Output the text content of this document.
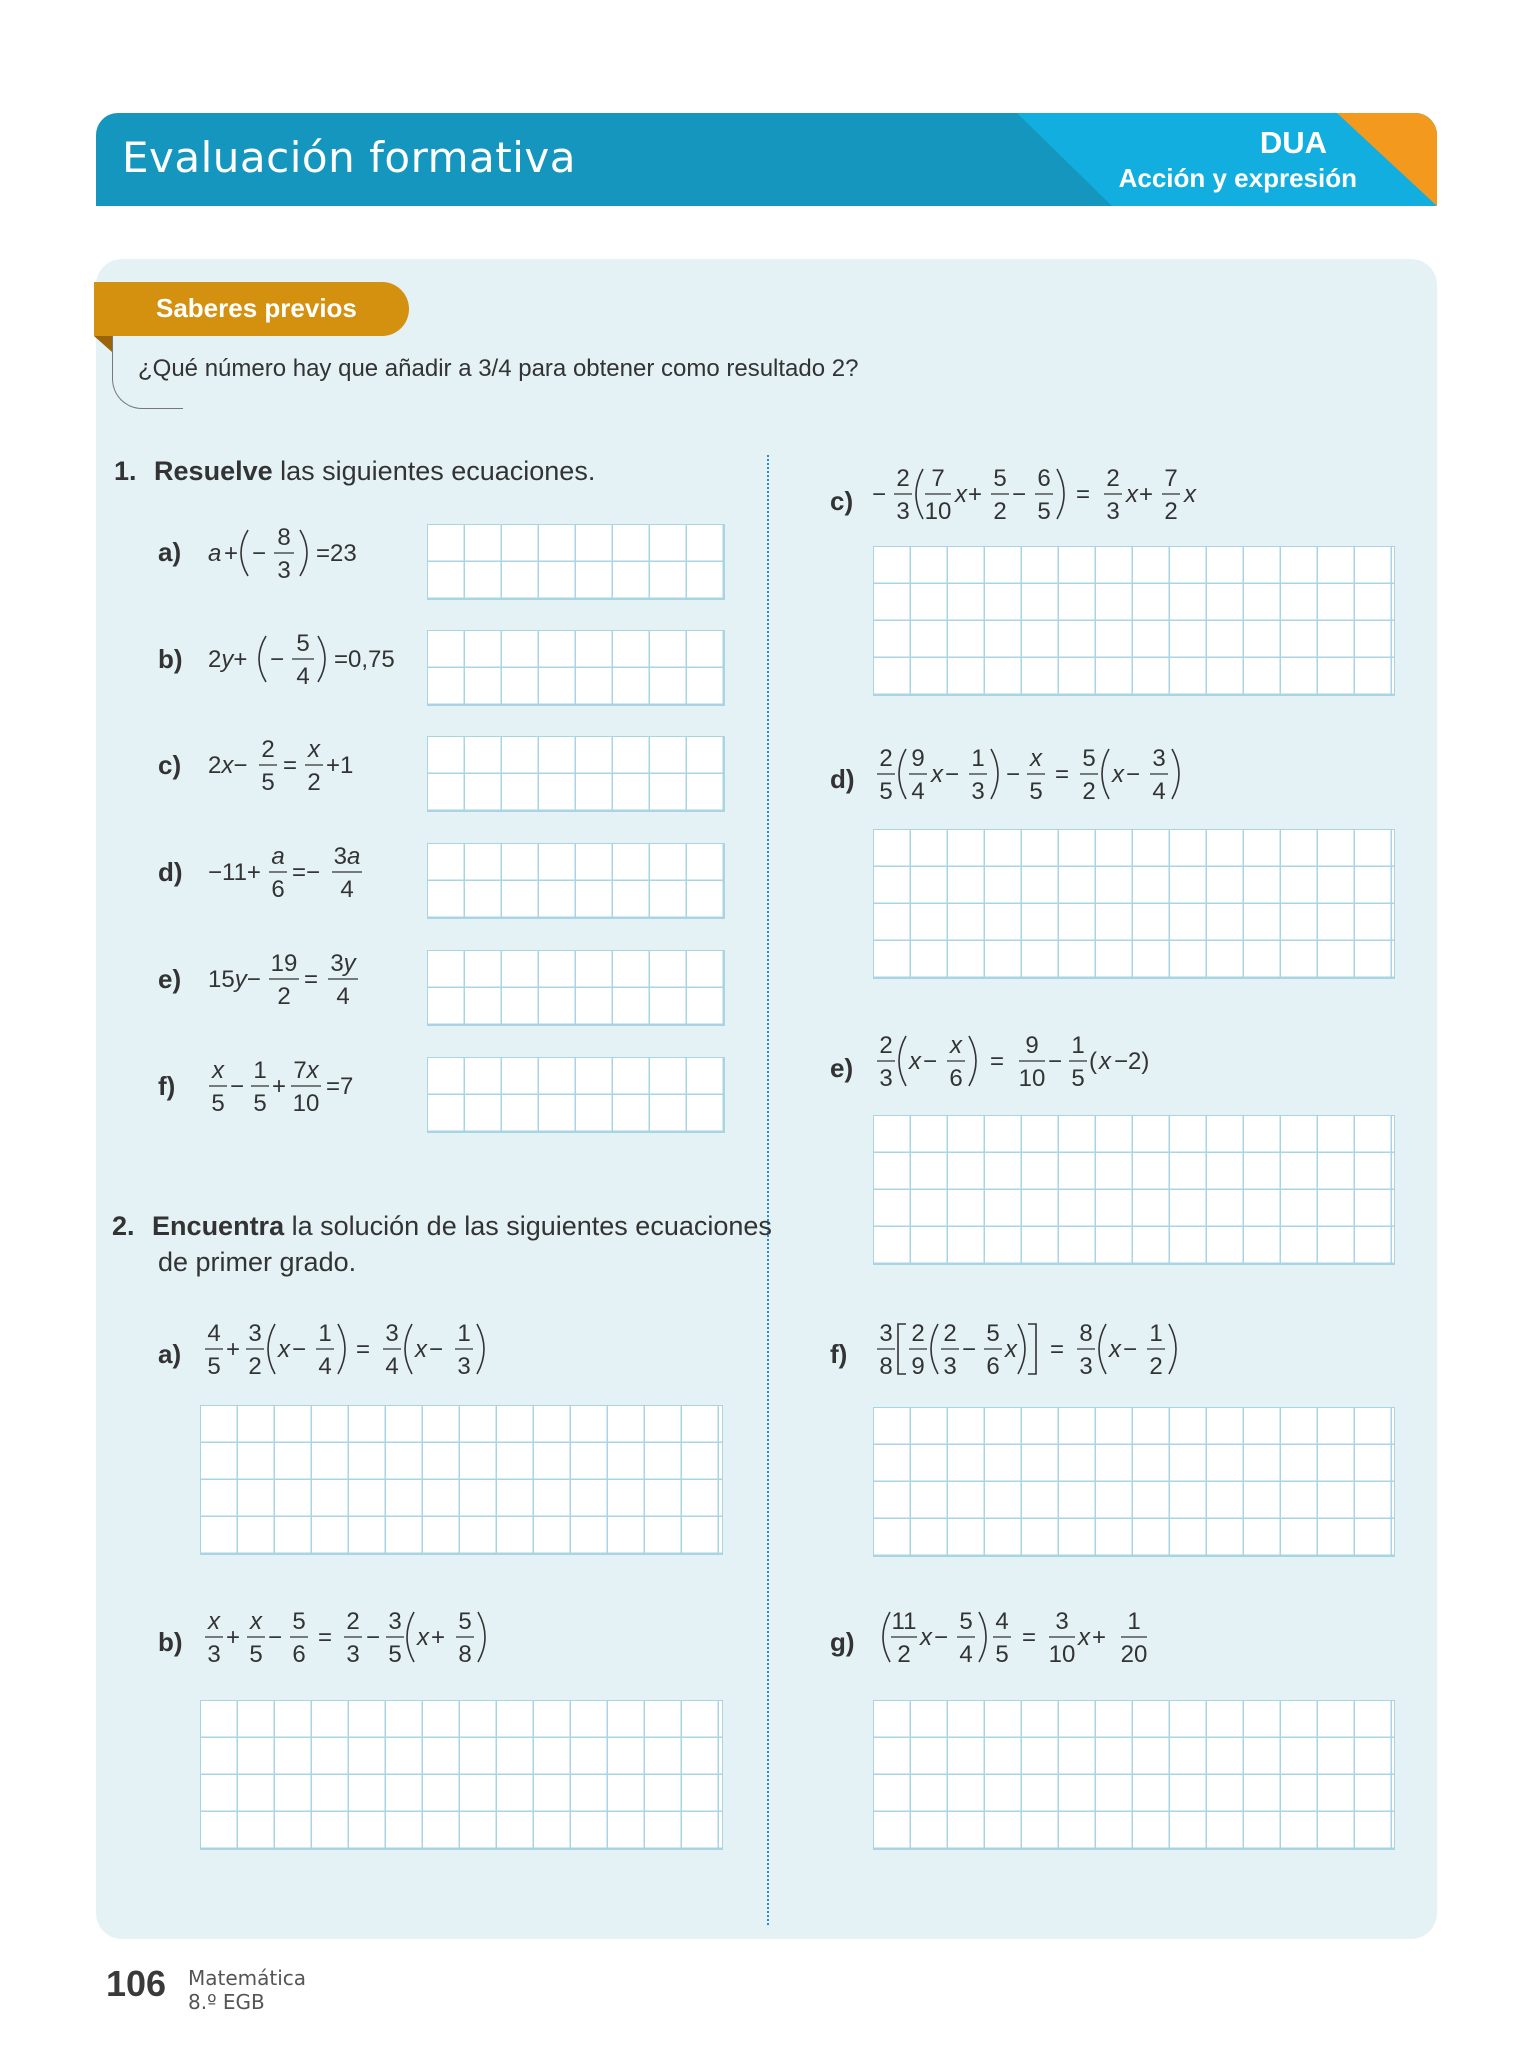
Evaluación formativa	DUA
Acción y expresión
Saberes previos
¿Qué número hay que añadir a 3/4 para obtener como resultado 2?
1. Resuelve las siguientes ecuaciones.
a) a + −
8
3
=23
b) 2y+ −
5
4
=0,75
c) 2x−
2
5
=
x
2
+1
d) −11+
a
6
=−
3a
4
e) 15y−
19
2
=
3y
4
f)
x
5
−
1
5
+
7x
10
=7
2. Encuentra la solución de las siguientes ecuaciones
de primer grado.
a)
4
5
+
3
2
x −
1
4
=
3
4
x −
1
3
b)
x
3
+
x
5
−
5
6
=
2
3
−
3
5
x +
5
8
c) −
2
3
7
10
x +
5
2
−
6
5
=
2
3
x +
7
2
x
d)
2
5
9
4
x −
1
3
−
x
5
=
5
2
x −
3
4
e)
2
3
x −
x
6
=
9
10
−
1
5
( x −2)
f)
3
8
2
9
2
3
−
5
6
x =
8
3
x −
1
2
g)
11
2
x −
5
4
4
5
=
3
10
x +
1
20
106 Matemática
8.º EGB
